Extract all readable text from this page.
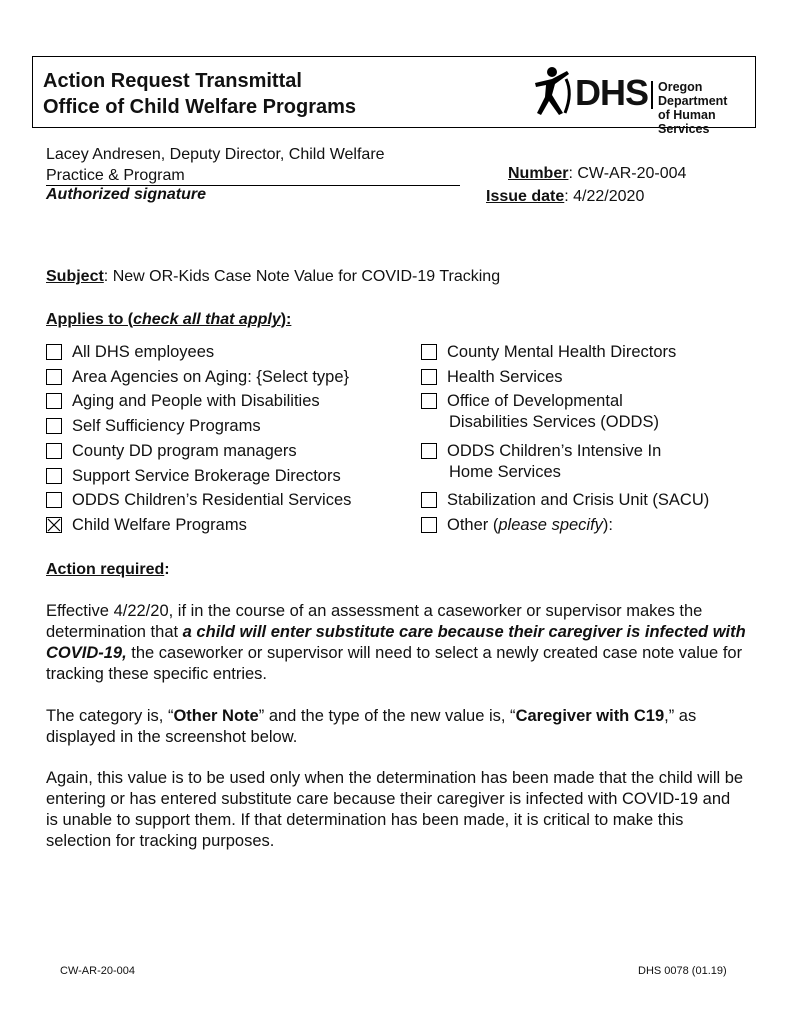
Action Request Transmittal
Office of Child Welfare Programs	DHS Oregon Department
of Human Services
Lacey Andresen, Deputy Director, Child Welfare
Practice & Program
Authorized signature
Number: CW-AR-20-004
Issue date: 4/22/2020
Subject: New OR-Kids Case Note Value for COVID-19 Tracking
Applies to (check all that apply):
All DHS employees
Area Agencies on Aging: {Select type}
Aging and People with Disabilities
Self Sufficiency Programs
County DD program managers
Support Service Brokerage Directors
ODDS Children’s Residential Services
Child Welfare Programs
County Mental Health Directors
Health Services
Office of Developmental
Disabilities Services (ODDS)
ODDS Children’s Intensive In
Home Services
Stabilization and Crisis Unit (SACU)
Other (please specify):
Action required:
Effective 4/22/20, if in the course of an assessment a caseworker or supervisor makes the determination that a child will enter substitute care because their caregiver is infected with COVID-19, the caseworker or supervisor will need to select a newly created case note value for tracking these specific entries.
The category is, “Other Note” and the type of the new value is, “Caregiver with C19,” as displayed in the screenshot below.
Again, this value is to be used only when the determination has been made that the child will be entering or has entered substitute care because their caregiver is infected with COVID-19 and is unable to support them. If that determination has been made, it is critical to make this selection for tracking purposes.
CW-AR-20-004	DHS 0078 (01.19)
